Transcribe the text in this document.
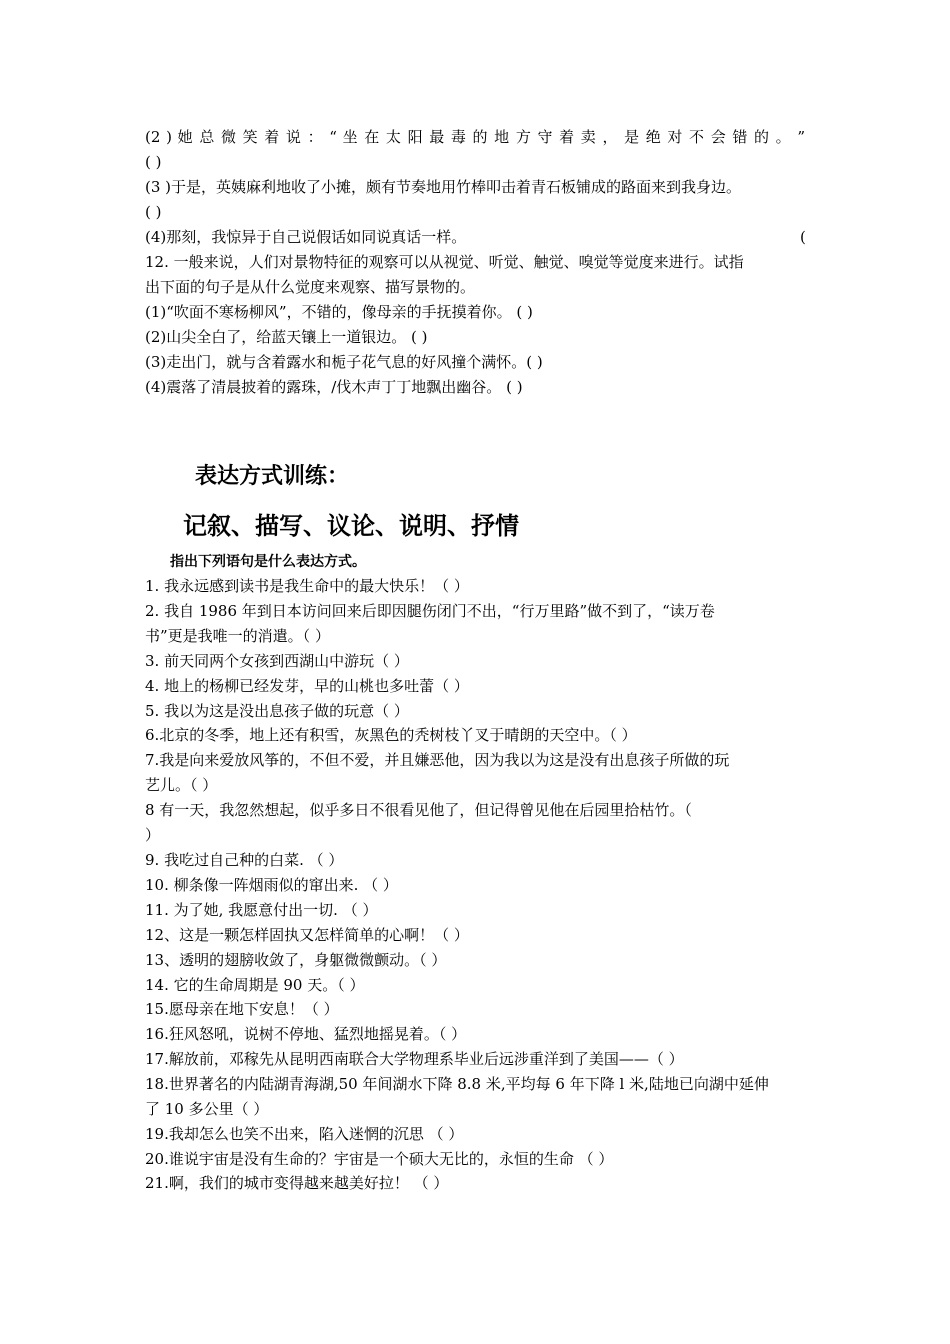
(2 ) 她 总 微 笑 着 说 ： “ 坐 在 太 阳 最 毒 的 地 方 守 着 卖 ， 是 绝 对 不 会 错 的 。 ”
( )
(3 )于是，英姨麻利地收了小摊，颇有节奏地用竹棒叩击着青石板铺成的路面来到我身边。
( )
(4)那刻，我惊异于自己说假话如同说真话一样。	(
12. 一般来说，人们对景物特征的观察可以从视觉、听觉、触觉、嗅觉等觉度来进行。试指
出下面的句子是从什么觉度来观察、描写景物的。
(1)“吹面不寒杨柳风”，不错的，像母亲的手抚摸着你。 ( )
(2)山尖全白了，给蓝天镶上一道银边。 ( )
(3)走出门，就与含着露水和栀子花气息的好风撞个满怀。( )
(4)震落了清晨披着的露珠，/伐木声丁丁地飘出幽谷。 ( )
表达方式训练：
记叙、描写、议论、说明、抒情
指出下列语句是什么表达方式。
1. 我永远感到读书是我生命中的最大快乐！（ ）
2. 我自 1986 年到日本访问回来后即因腿伤闭门不出，“行万里路”做不到了，“读万卷
书”更是我唯一的消遣。（ ）
3. 前天同两个女孩到西湖山中游玩（ ）
4. 地上的杨柳已经发芽，早的山桃也多吐蕾（ ）
5. 我以为这是没出息孩子做的玩意（ ）
6.北京的冬季，地上还有积雪，灰黑色的秃树枝丫叉于晴朗的天空中。（ ）
7.我是向来爱放风筝的，不但不爱，并且嫌恶他，因为我以为这是没有出息孩子所做的玩
艺儿。（ ）
8 有一天，我忽然想起，似乎多日不很看见他了，但记得曾见他在后园里拾枯竹。（
）
9. 我吃过自己种的白菜. （ ）
10. 柳条像一阵烟雨似的窜出来. （ ）
11. 为了她, 我愿意付出一切. （ ）
12、这是一颗怎样固执又怎样简单的心啊！（ ）
13、透明的翅膀收敛了，身躯微微颤动。（ ）
14. 它的生命周期是 90 天。（ ）
15.愿母亲在地下安息！（ ）
16.狂风怒吼，说树不停地、猛烈地摇晃着。（ ）
17.解放前，邓稼先从昆明西南联合大学物理系毕业后远涉重洋到了美国——（ ）
18.世界著名的内陆湖青海湖,50 年间湖水下降 8.8 米,平均每 6 年下降 l 米,陆地已向湖中延伸
了 10 多公里（ ）
19.我却怎么也笑不出来，陷入迷惘的沉思 （ ）
20.谁说宇宙是没有生命的？宇宙是一个硕大无比的，永恒的生命 （ ）
21.啊，我们的城市变得越来越美好拉！ （ ）
